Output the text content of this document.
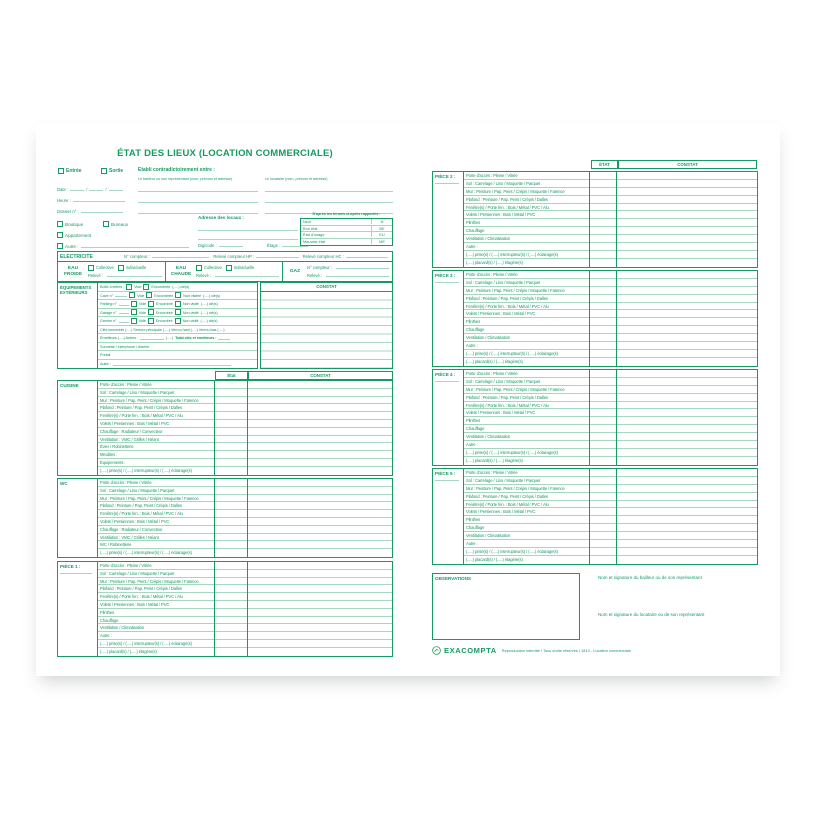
ÉTAT DES LIEUX (LOCATION COMMERCIALE)
Entrée	Sortie	Etabli contradictoirement entre :
Le bailleur ou son représentant (nom, prénom et adresse)	Le locataire (nom, prénom et adresse)
Date :	/	/
Heure :
Dossier n° :
Boutique	Bureaux
Appartement
Autre :
Adresse des locaux :
Digicode :	Étage :
D'après les termes ci-après rapportés :
Neuf	N
Bon état	BE
État d'usage	EU
Mauvais état	ME
ELECTRICITE	N° compteur :	Relevé compteur HP :	Relevé compteur HC :
EAU
FROIDE
Collective	Individuelle
Relevé :
EAU
CHAUDE
Collective	Individuelle
Relevé :
GAZ
N° compteur :
Relevé :
ÉQUIPEMENTS EXTÉRIEURS
Boîte à lettres :	Vide	Encombrée (.....) clé(s)
Cave n°	Vide	Encombrée	Non visitée (.....) clé(s)
Parking n°	Vide	Encombré	Non visité (.....) clé(s)
Garage n°	Vide	Encombré	Non visité (.....) clé(s)
Grenier n°	Vide	Encombré	Non visité (.....) clé(s)
Clés immeuble (.....) Serrure principale (.....) Verrou haut (.....) Verrou bas (.....)
Émetteurs (.....) Autres :	(.....) Total clés et émetteurs :
Sonnette / Interphone / Alarme
Portail
Autre :
CONSTAT
État	CONSTAT
CUISINE	Porte d'accès : Pleine / Vitrée
Sol : Carrelage / Lino / Moquette / Parquet
Mur : Peinture / Pap. Peint / Crépis / Moquette / Faïence
Plafond : Peinture / Pap. Peint / Crépis / Dalles
Fenêtre(s) / Porte fen. : Bois / Métal / PVC / Alu
Volets / Persiennes : Bois / Métal / PVC
Chauffage : Radiateur / Convecteur
Ventilation : VMC / Grilles / Néant
Évier / Robinetterie
Meubles :
Équipements :
(.....) prise(s) / (.....) interrupteur(s) / (.....) éclairage(s)
WC	Porte d'accès : Pleine / Vitrée
Sol : Carrelage / Lino / Moquette / Parquet
Mur : Peinture / Pap. Peint / Crépis / Moquette / Faïence
Plafond : Peinture / Pap. Peint / Crépis / Dalles
Fenêtre(s) / Porte fen. : Bois / Métal / PVC / Alu
Volets / Persiennes : Bois / Métal / PVC
Chauffage : Radiateur / Convecteur
Ventilation : VMC / Grilles / Néant
WC / Robinetterie
(.....) prise(s) / (.....) interrupteur(s) / (.....) éclairage(s)
PIÈCE 1 :	Porte d'accès : Pleine / Vitrée
Sol : Carrelage / Lino / Moquette / Parquet
Mur : Peinture / Pap. Peint / Crépis / Moquette / Faïence
Plafond : Peinture / Pap. Peint / Crépis / Dalles
Fenêtre(s) / Porte fen. : Bois / Métal / PVC / Alu
Volets / Persiennes : Bois / Métal / PVC
Plinthes
Chauffage
Ventilation / Climatisation
Autre :
(.....) prise(s) / (.....) interrupteur(s) / (.....) éclairage(s)
(.....) placard(s) / (.....) étagère(s)
ÉTAT	CONSTAT
PIÈCE 2 :	Porte d'accès : Pleine / Vitrée
Sol : Carrelage / Lino / Moquette / Parquet
Mur : Peinture / Pap. Peint / Crépis / Moquette / Faïence
Plafond : Peinture / Pap. Peint / Crépis / Dalles
Fenêtre(s) / Porte fen. : Bois / Métal / PVC / Alu
Volets / Persiennes : Bois / Métal / PVC
Plinthes
Chauffage
Ventilation / Climatisation
Autre :
(.....) prise(s) / (.....) interrupteur(s) / (.....) éclairage(s)
(.....) placard(s) / (.....) étagère(s)
PIÈCE 3 :	Porte d'accès : Pleine / Vitrée
Sol : Carrelage / Lino / Moquette / Parquet
Mur : Peinture / Pap. Peint / Crépis / Moquette / Faïence
Plafond : Peinture / Pap. Peint / Crépis / Dalles
Fenêtre(s) / Porte fen. : Bois / Métal / PVC / Alu
Volets / Persiennes : Bois / Métal / PVC
Plinthes
Chauffage
Ventilation / Climatisation
Autre :
(.....) prise(s) / (.....) interrupteur(s) / (.....) éclairage(s)
(.....) placard(s) / (.....) étagère(s)
PIÈCE 4 :	Porte d'accès : Pleine / Vitrée
Sol : Carrelage / Lino / Moquette / Parquet
Mur : Peinture / Pap. Peint / Crépis / Moquette / Faïence
Plafond : Peinture / Pap. Peint / Crépis / Dalles
Fenêtre(s) / Porte fen. : Bois / Métal / PVC / Alu
Volets / Persiennes : Bois / Métal / PVC
Plinthes
Chauffage
Ventilation / Climatisation
Autre :
(.....) prise(s) / (.....) interrupteur(s) / (.....) éclairage(s)
(.....) placard(s) / (.....) étagère(s)
PIÈCE 5 :	Porte d'accès : Pleine / Vitrée
Sol : Carrelage / Lino / Moquette / Parquet
Mur : Peinture / Pap. Peint / Crépis / Moquette / Faïence
Plafond : Peinture / Pap. Peint / Crépis / Dalles
Fenêtre(s) / Porte fen. : Bois / Métal / PVC / Alu
Volets / Persiennes : Bois / Métal / PVC
Plinthes
Chauffage
Ventilation / Climatisation
Autre :
(.....) prise(s) / (.....) interrupteur(s) / (.....) éclairage(s)
(.....) placard(s) / (.....) étagère(s)
OBSERVATIONS	Nom et signature du bailleur ou de son représentant
Nom et signature du locataire ou de son représentant
EXACOMPTA Reproduction interdite / Tous droits réservés / 1813 - Location commerciale
